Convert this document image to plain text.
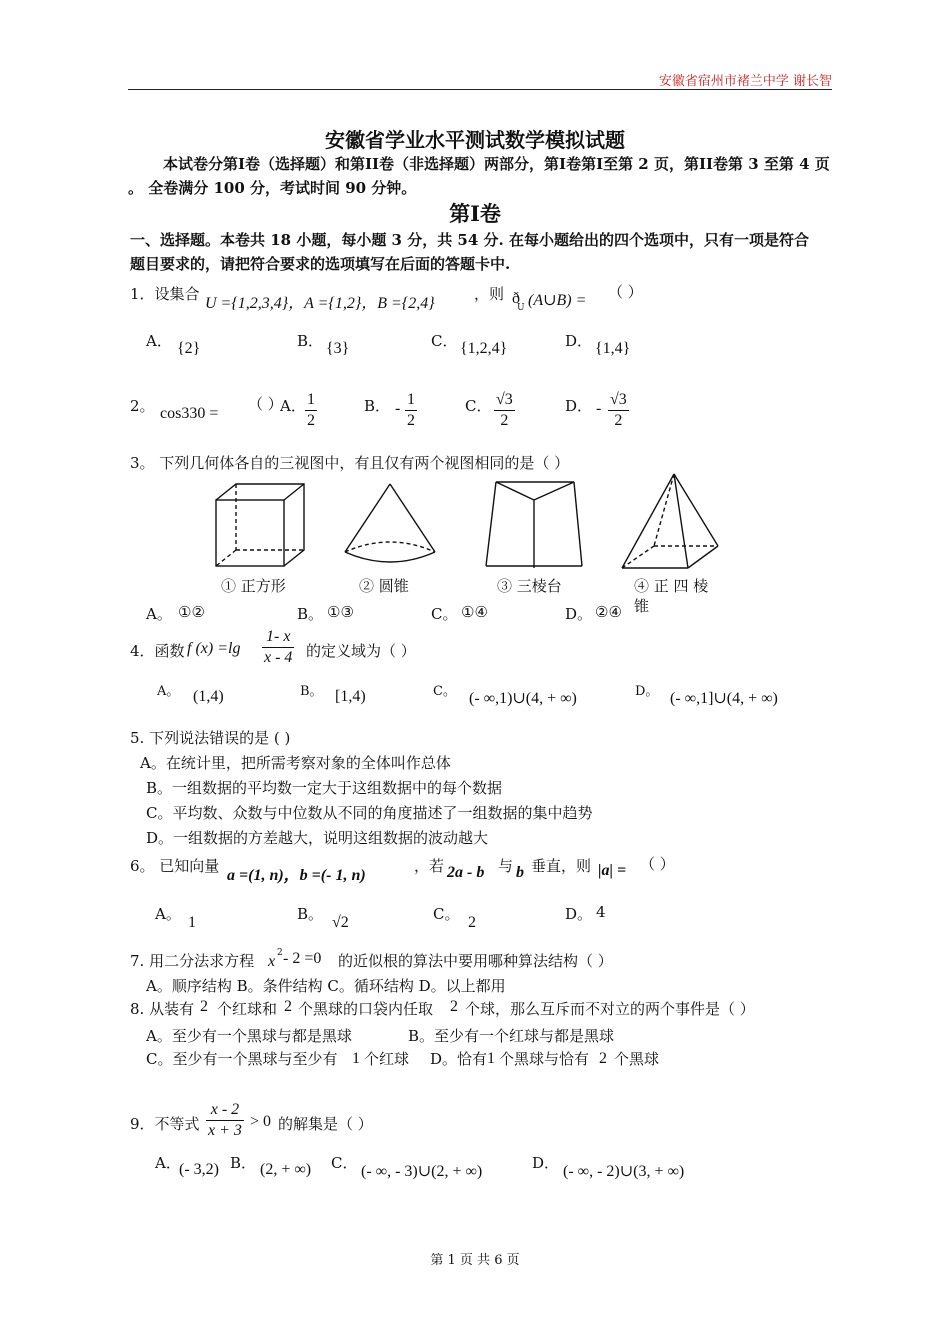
安徽省宿州市褚兰中学 谢长智
安徽省学业水平测试数学模拟试题
本试卷分第I卷（选择题）和第II卷（非选择题）两部分，第I卷第I至第 2 页，第II卷第 3 至第 4 页
。 全卷满分 100 分，考试时间 90 分钟。
第Ⅰ卷
一、选择题。本卷共 18 小题，每小题 3 分，共 54 分. 在每小题给出的四个选项中，只有一项是符合
题目要求的，请把符合要求的选项填写在后面的答题卡中.
1．设集合
U ={1,2,3,4}，A ={1,2}，B ={2,4}
，则 ð
U (A∪B) = （ ）
A． {2}	B． {3}	C． {1,2,4}	D． {1,4}
2。 cos330 =
（ ）
A． $\frac{1}{2}$	B． - $\frac{1}{2}$	C． $\frac{√3}{2}$	D． - $\frac{√3}{2}$
3。 下列几何体各自的三视图中，有且仅有两个视图相同的是（ ）
① 正方形	② 圆锥	③ 三棱台	④ 正 四 棱
锥
A。 ①②	B。 ①③	C。 ①④	D。 ②④
4．函数 f $(x) =\lg \frac{1- x}{x - 4}$ 的定义域为（ ）
A。 (1,4)	B。 [1,4)	C。 (- ∞,1)∪(4, + ∞)	D。 (- ∞,1]∪(4, + ∞)
5. 下列说法错误的是 ( )
A。在统计里，把所需考察对象的全体叫作总体
B。一组数据的平均数一定大于这组数据中的每个数据
C。平均数、众数与中位数从不同的角度描述了一组数据的集中趋势
D。一组数据的方差越大，说明这组数据的波动越大
6。 已知向量
a =(1, n)，b =(- 1, n)
，若 2a - b 与 b 垂直，则 |a| = （ ）
A。 1	B。 √2	C。 2	D。 4
7. 用二分法求方程 x 2 - 2 =0 的近似根的算法中要用哪种算法结构（ ）
A。顺序结构 B。条件结构 C。循环结构 D。以上都用
8. 从装有 2 个红球和 2 个黑球的口袋内任取 2 个球，那么互斥而不对立的两个事件是（ ）
A。至少有一个黑球与都是黑球	B。至少有一个红球与都是黑球
C。至少有一个黑球与至少有 1 个红球 D。恰有 1 个黑球与恰有 2 个黑球
9．不等式 $\frac{x - 2}{x + 3} > 0$ 的解集是（ ）
A．
(- 3,2) B． (2, + ∞) C． (- ∞, - 3)∪(2, + ∞)	D． (- ∞, - 2)∪(3, + ∞)
第 1 页 共 6 页
